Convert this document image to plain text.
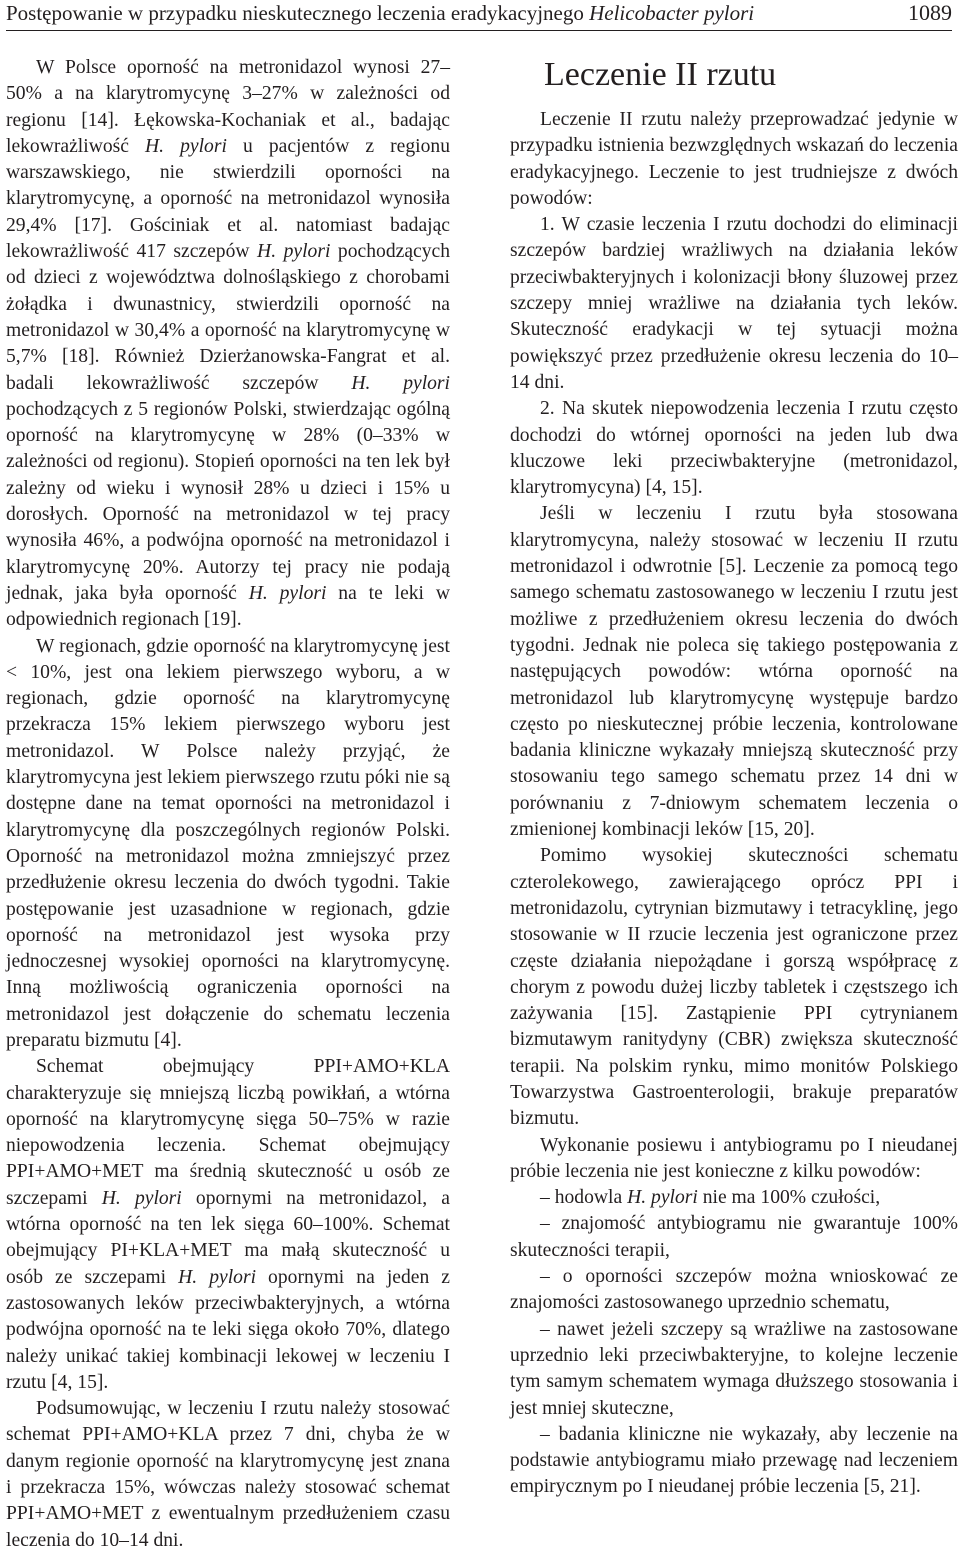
Postępowanie w przypadku nieskutecznego leczenia eradykacyjnego Helicobacter pylori	1089

W Polsce oporność na metronidazol wynosi 27–50% a na klarytromycynę 3–27% w zależności od regionu [14]. Łękowska-Kochaniak et al., badając lekowrażliwość H. pylori u pacjentów z regionu warszawskiego, nie stwierdzili oporności na klarytromycynę, a oporność na metronidazol wynosiła 29,4% [17]. Gościniak et al. natomiast badając lekowrażliwość 417 szczepów H. pylori pochodzących od dzieci z województwa dolnośląskiego z chorobami żołądka i dwunastnicy, stwierdzili oporność na metronidazol w 30,4% a oporność na klarytromycynę w 5,7% [18]. Również Dzierżanowska-Fangrat et al. badali lekowrażliwość szczepów H. pylori pochodzących z 5 regionów Polski, stwierdzając ogólną oporność na klarytromycynę w 28% (0–33% w zależności od regionu). Stopień oporności na ten lek był zależny od wieku i wynosił 28% u dzieci i 15% u dorosłych. Oporność na metronidazol w tej pracy wynosiła 46%, a podwójna oporność na metronidazol i klarytromycynę 20%. Autorzy tej pracy nie podają jednak, jaka była oporność H. pylori na te leki w odpowiednich regionach [19].

W regionach, gdzie oporność na klarytromycynę jest < 10%, jest ona lekiem pierwszego wyboru, a w regionach, gdzie oporność na klarytromycynę przekracza 15% lekiem pierwszego wyboru jest metronidazol. W Polsce należy przyjąć, że klarytromycyna jest lekiem pierwszego rzutu póki nie są dostępne dane na temat oporności na metronidazol i klarytromycynę dla poszczególnych regionów Polski. Oporność na metronidazol można zmniejszyć przez przedłużenie okresu leczenia do dwóch tygodni. Takie postępowanie jest uzasadnione w regionach, gdzie oporność na metronidazol jest wysoka przy jednoczesnej wysokiej oporności na klarytromycynę. Inną możliwością ograniczenia oporności na metronidazol jest dołączenie do schematu leczenia preparatu bizmutu [4].

Schemat obejmujący PPI+AMO+KLA charakteryzuje się mniejszą liczbą powikłań, a wtórna oporność na klarytromycynę sięga 50–75% w razie niepowodzenia leczenia. Schemat obejmujący PPI+AMO+MET ma średnią skuteczność u osób ze szczepami H. pylori opornymi na metronidazol, a wtórna oporność na ten lek sięga 60–100%. Schemat obejmujący PI+KLA+MET ma małą skuteczność u osób ze szczepami H. pylori opornymi na jeden z zastosowanych leków przeciwbakteryjnych, a wtórna podwójna oporność na te leki sięga około 70%, dlatego należy unikać takiej kombinacji lekowej w leczeniu I rzutu [4, 15].

Podsumowując, w leczeniu I rzutu należy stosować schemat PPI+AMO+KLA przez 7 dni, chyba że w danym regionie oporność na klarytromycynę jest znana i przekracza 15%, wówczas należy stosować schemat PPI+AMO+MET z ewentualnym przedłużeniem czasu leczenia do 10–14 dni.

Leczenie II rzutu

Leczenie II rzutu należy przeprowadzać jedynie w przypadku istnienia bezwzględnych wskazań do leczenia eradykacyjnego. Leczenie to jest trudniejsze z dwóch powodów:

1. W czasie leczenia I rzutu dochodzi do eliminacji szczepów bardziej wrażliwych na działania leków przeciwbakteryjnych i kolonizacji błony śluzowej przez szczepy mniej wrażliwe na działania tych leków. Skuteczność eradykacji w tej sytuacji można powiększyć przez przedłużenie okresu leczenia do 10–14 dni.

2. Na skutek niepowodzenia leczenia I rzutu często dochodzi do wtórnej oporności na jeden lub dwa kluczowe leki przeciwbakteryjne (metronidazol, klarytromycyna) [4, 15].

Jeśli w leczeniu I rzutu była stosowana klarytromycyna, należy stosować w leczeniu II rzutu metronidazol i odwrotnie [5]. Leczenie za pomocą tego samego schematu zastosowanego w leczeniu I rzutu jest możliwe z przedłużeniem okresu leczenia do dwóch tygodni. Jednak nie poleca się takiego postępowania z następujących powodów: wtórna oporność na metronidazol lub klarytromycynę występuje bardzo często po nieskutecznej próbie leczenia, kontrolowane badania kliniczne wykazały mniejszą skuteczność przy stosowaniu tego samego schematu przez 14 dni w porównaniu z 7-dniowym schematem leczenia o zmienionej kombinacji leków [15, 20].

Pomimo wysokiej skuteczności schematu czterolekowego, zawierającego oprócz PPI i metronidazolu, cytrynian bizmutawy i tetracyklinę, jego stosowanie w II rzucie leczenia jest ograniczone przez częste działania niepożądane i gorszą współpracę z chorym z powodu dużej liczby tabletek i częstszego ich zażywania [15]. Zastąpienie PPI cytrynianem bizmutawym ranitydyny (CBR) zwiększa skuteczność terapii. Na polskim rynku, mimo monitów Polskiego Towarzystwa Gastroenterologii, brakuje preparatów bizmutu.

Wykonanie posiewu i antybiogramu po I nieudanej próbie leczenia nie jest konieczne z kilku powodów:

– hodowla H. pylori nie ma 100% czułości,

– znajomość antybiogramu nie gwarantuje 100% skuteczności terapii,

– o oporności szczepów można wnioskować ze znajomości zastosowanego uprzednio schematu,

– nawet jeżeli szczepy są wrażliwe na zastosowane uprzednio leki przeciwbakteryjne, to kolejne leczenie tym samym schematem wymaga dłuższego stosowania i jest mniej skuteczne,

– badania kliniczne nie wykazały, aby leczenie na podstawie antybiogramu miało przewagę nad leczeniem empirycznym po I nieudanej próbie leczenia [5, 21].
